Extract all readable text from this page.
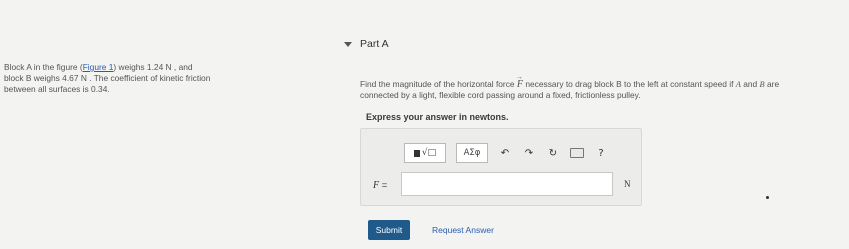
Block A in the figure (Figure 1) weighs 1.24 N , and
block B weighs 4.67 N . The coefficient of kinetic friction
between all surfaces is 0.34.
Part A
Find the magnitude of the horizontal force → F necessary to drag block B to the left at constant speed if A and B are
connected by a light, flexible cord passing around a fixed, frictionless pulley.
Express your answer in newtons.
√□	ΑΣφ	↶ ↷ ↻	?
F =	N
Submit	Request Answer
